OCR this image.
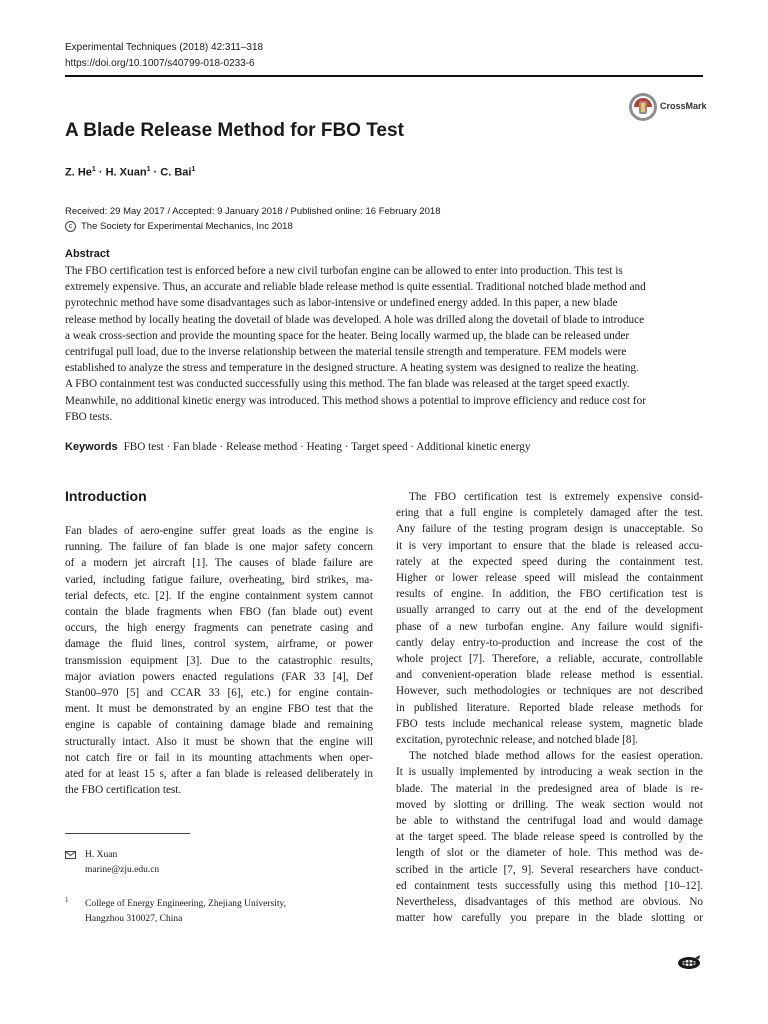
Experimental Techniques (2018) 42:311–318
https://doi.org/10.1007/s40799-018-0233-6
CrossMark
A Blade Release Method for FBO Test
Z. $He^1 \cdot H$. Xuan$^1$ · C. Bai$^1$
Received: 29 May 2017 / Accepted: 9 January 2018 / Published online: 16 February 2018
c The Society for Experimental Mechanics, Inc 2018
Abstract
The FBO certification test is enforced before a new civil turbofan engine can be allowed to enter into production. This test is
extremely expensive. Thus, an accurate and reliable blade release method is quite essential. Traditional notched blade method and
pyrotechnic method have some disadvantages such as labor-intensive or undefined energy added. In this paper, a new blade
release method by locally heating the dovetail of blade was developed. A hole was drilled along the dovetail of blade to introduce
a weak cross-section and provide the mounting space for the heater. Being locally warmed up, the blade can be released under
centrifugal pull load, due to the inverse relationship between the material tensile strength and temperature. FEM models were
established to analyze the stress and temperature in the designed structure. A heating system was designed to realize the heating.
A FBO containment test was conducted successfully using this method. The fan blade was released at the target speed exactly.
Meanwhile, no additional kinetic energy was introduced. This method shows a potential to improve efficiency and reduce cost for
FBO tests.
Keywords FBO test · Fan blade · Release method · Heating · Target speed · Additional kinetic energy
Introduction
Fan blades of aero-engine suffer great loads as the engine is
running. The failure of fan blade is one major safety concern
of a modern jet aircraft [1]. The causes of blade failure are
varied, including fatigue failure, overheating, bird strikes, ma-
terial defects, etc. [2]. If the engine containment system cannot
contain the blade fragments when FBO (fan blade out) event
occurs, the high energy fragments can penetrate casing and
damage the fluid lines, control system, airframe, or power
transmission equipment [3]. Due to the catastrophic results,
major aviation powers enacted regulations (FAR 33 [4], Def
Stan00–970 [5] and CCAR 33 [6], etc.) for engine contain-
ment. It must be demonstrated by an engine FBO test that the
engine is capable of containing damage blade and remaining
structurally intact. Also it must be shown that the engine will
not catch fire or fail in its mounting attachments when oper-
ated for at least 15 s, after a fan blade is released deliberately in
the FBO certification test.
The FBO certification test is extremely expensive consid-
ering that a full engine is completely damaged after the test.
Any failure of the testing program design is unacceptable. So
it is very important to ensure that the blade is released accu-
rately at the expected speed during the containment test.
Higher or lower release speed will mislead the containment
results of engine. In addition, the FBO certification test is
usually arranged to carry out at the end of the development
phase of a new turbofan engine. Any failure would signifi-
cantly delay entry-to-production and increase the cost of the
whole project [7]. Therefore, a reliable, accurate, controllable
and convenient-operation blade release method is essential.
However, such methodologies or techniques are not described
in published literature. Reported blade release methods for
FBO tests include mechanical release system, magnetic blade
excitation, pyrotechnic release, and notched blade [8].
The notched blade method allows for the easiest operation.
It is usually implemented by introducing a weak section in the
blade. The material in the predesigned area of blade is re-
moved by slotting or drilling. The weak section would not
be able to withstand the centrifugal load and would damage
at the target speed. The blade release speed is controlled by the
length of slot or the diameter of hole. This method was de-
scribed in the article [7, 9]. Several researchers have conduct-
ed containment tests successfully using this method [10–12].
Nevertheless, disadvantages of this method are obvious. No
matter how carefully you prepare in the blade slotting or
H. Xuan
marine@zju.edu.cn
1 College of Energy Engineering, Zhejiang University,
Hangzhou 310027, China
